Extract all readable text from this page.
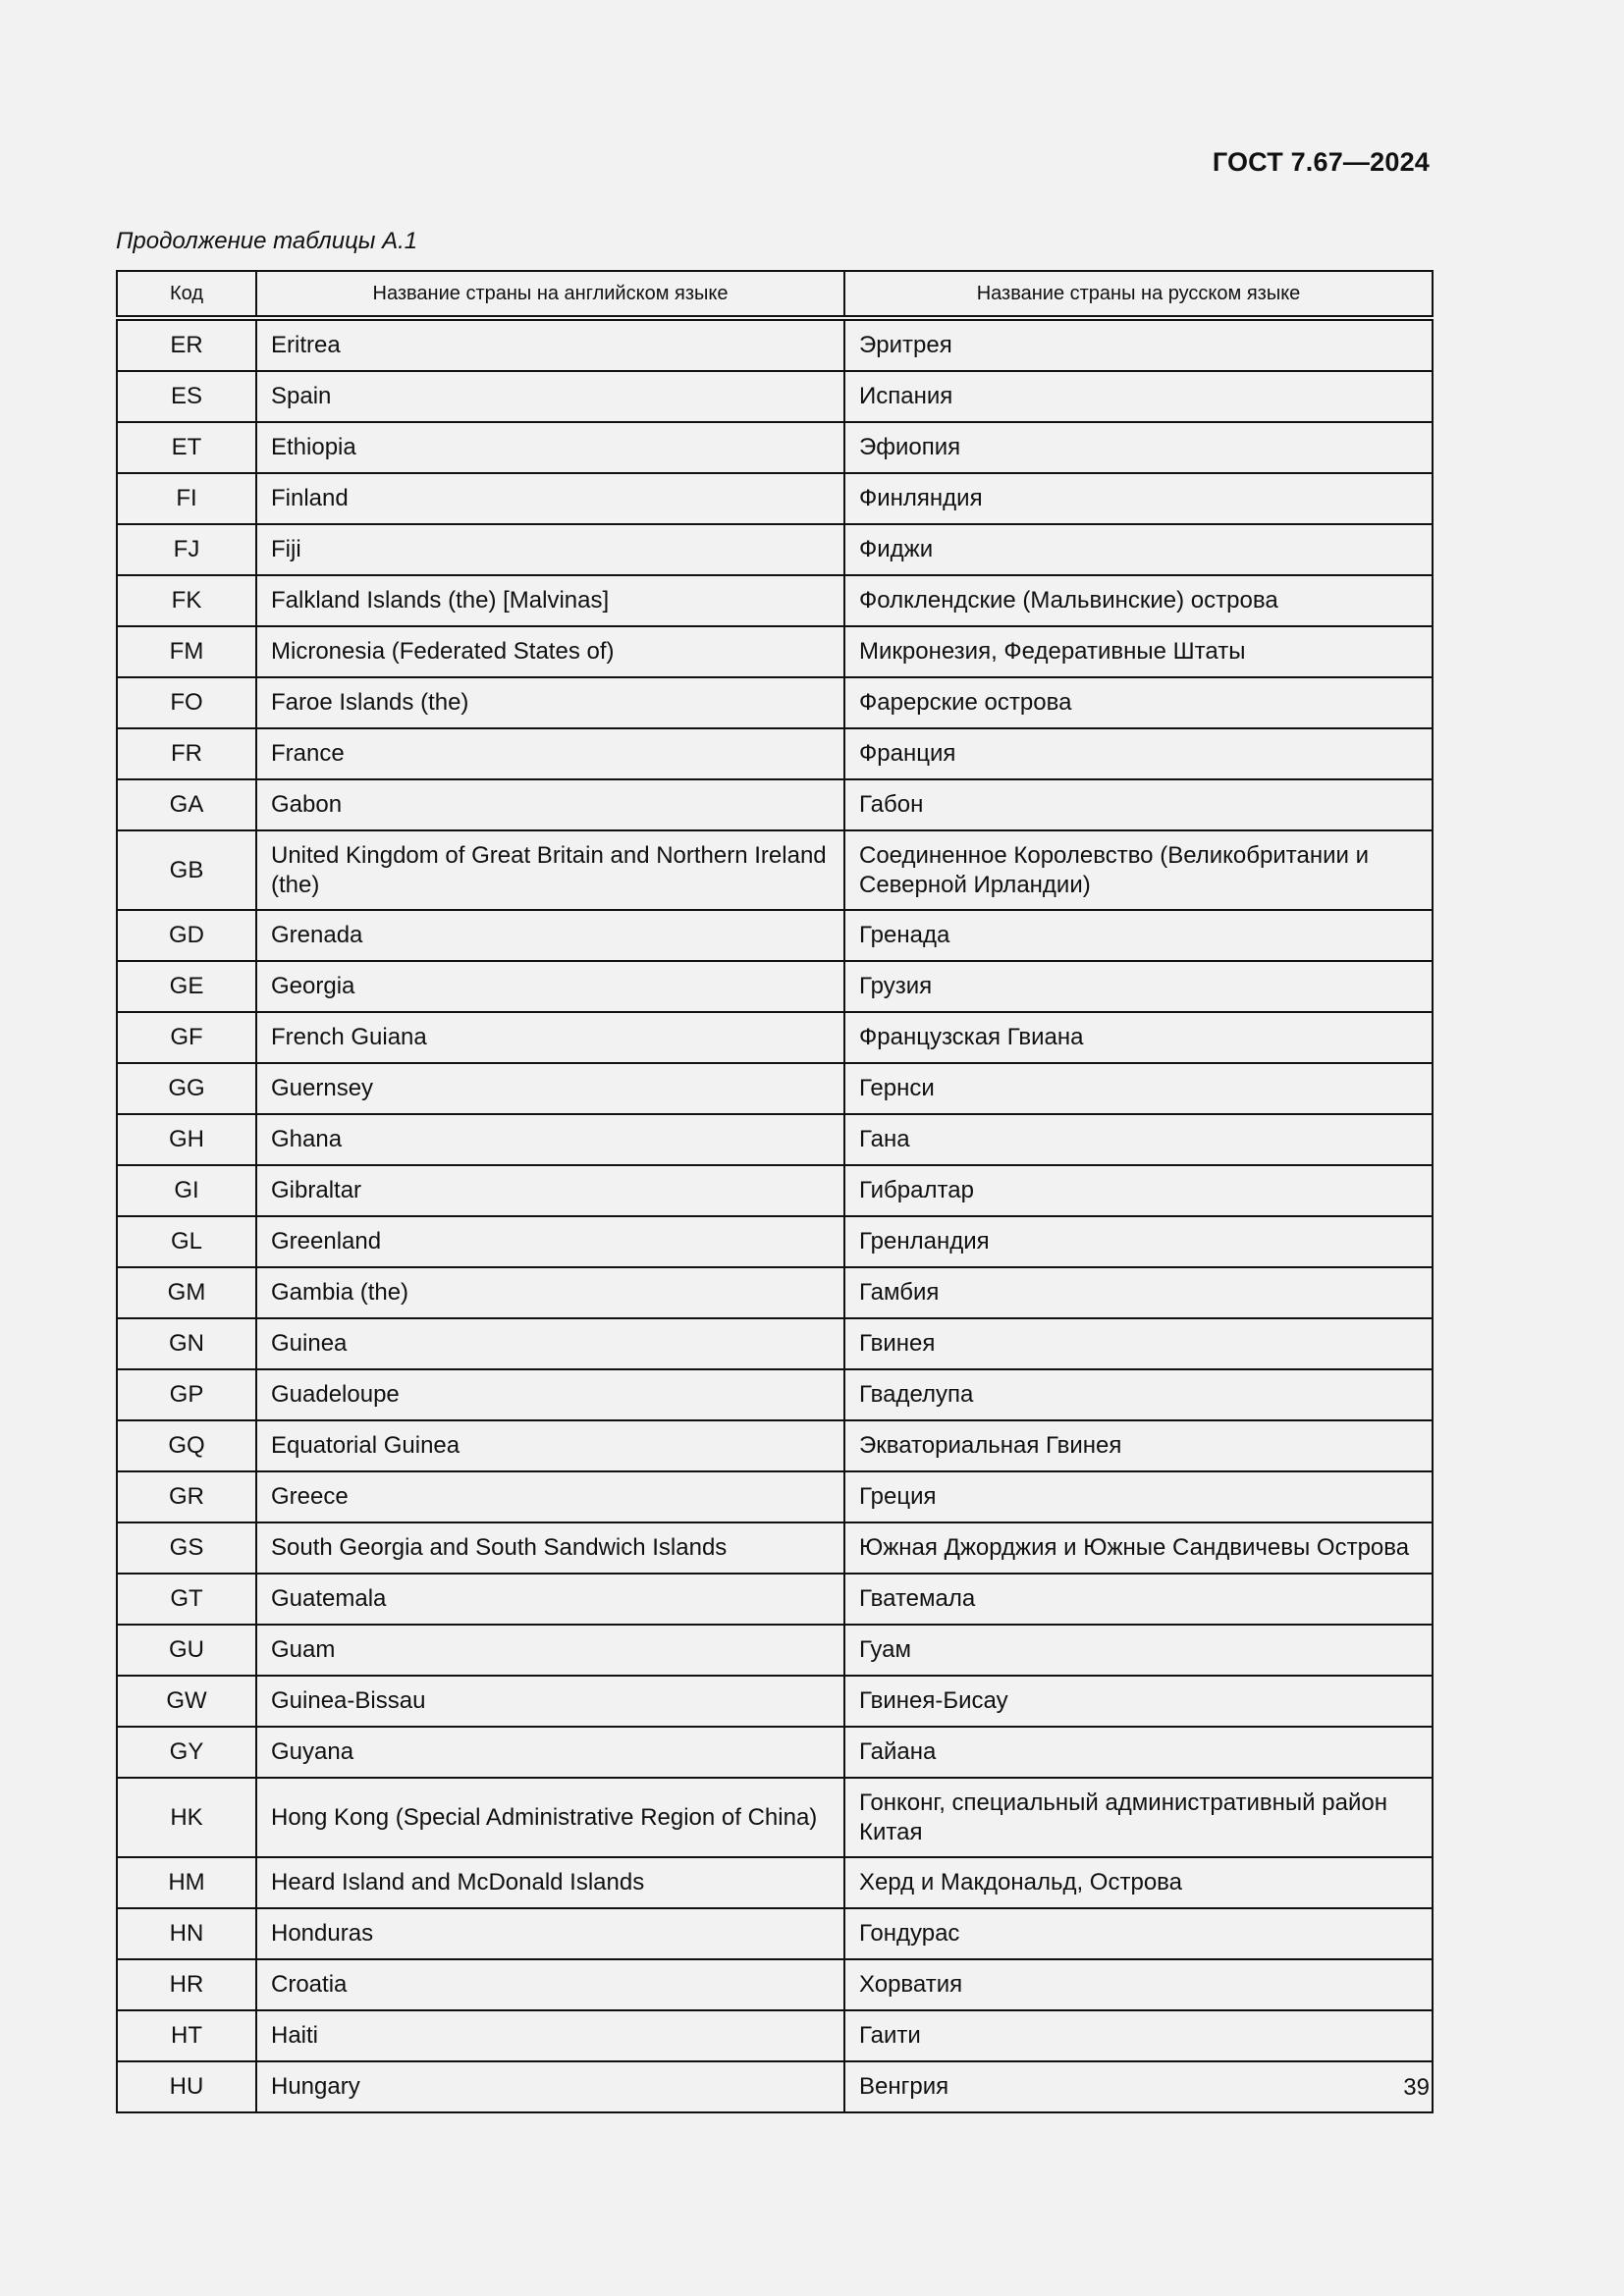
ГОСТ 7.67—2024
Продолжение таблицы А.1
Код	Название страны на английском языке	Название страны на русском языке
ER	Eritrea	Эритрея
ES	Spain	Испания
ET	Ethiopia	Эфиопия
FI	Finland	Финляндия
FJ	Fiji	Фиджи
FK	Falkland Islands (the) [Malvinas]	Фолклендские (Мальвинские) острова
FM	Micronesia (Federated States of)	Микронезия, Федеративные Штаты
FO	Faroe Islands (the)	Фарерские острова
FR	France	Франция
GA	Gabon	Габон
GB	United Kingdom of Great Britain and Northern Ireland (the)	Соединенное Королевство (Великобритании и Северной Ирландии)
GD	Grenada	Гренада
GE	Georgia	Грузия
GF	French Guiana	Французская Гвиана
GG	Guernsey	Гернси
GH	Ghana	Гана
GI	Gibraltar	Гибралтар
GL	Greenland	Гренландия
GM	Gambia (the)	Гамбия
GN	Guinea	Гвинея
GP	Guadeloupe	Гваделупа
GQ	Equatorial Guinea	Экваториальная Гвинея
GR	Greece	Греция
GS	South Georgia and South Sandwich Islands	Южная Джорджия и Южные Сандвичевы Острова
GT	Guatemala	Гватемала
GU	Guam	Гуам
GW	Guinea-Bissau	Гвинея-Бисау
GY	Guyana	Гайана
HK	Hong Kong (Special Administrative Region of China)	Гонконг, специальный административный район Китая
HM	Heard Island and McDonald Islands	Херд и Макдональд, Острова
HN	Honduras	Гондурас
HR	Croatia	Хорватия
HT	Haiti	Гаити
HU	Hungary	Венгрия	39
